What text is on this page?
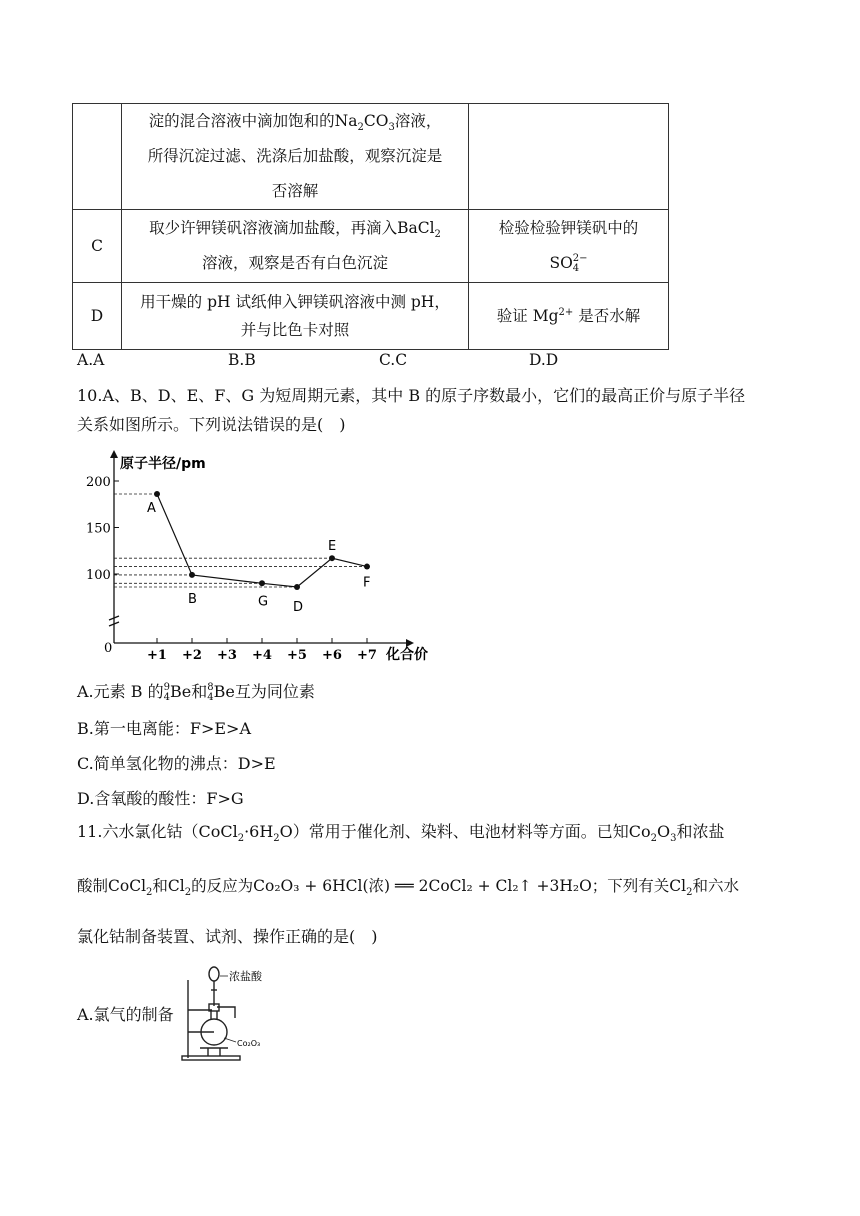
	淀的混合溶液中滴加饱和的$Na_2CO_3$溶液，
所得沉淀过滤、洗涤后加盐酸，观察沉淀是
否溶解	
C	取少许钾镁矾溶液滴加盐酸，再滴入BaCl$_2$
溶液，观察是否有白色沉淀	检验检验钾镁矾中的
SO2−
4
D	用干燥的 pH 试纸伸入钾镁矾溶液中测 pH，
并与比色卡对照	验证 $Mg^{2+}$ 是否水解
A.A	B.B	C.C	D.D
10.A、B、D、E、F、G 为短周期元素，其中 B 的原子序数最小，它们的最高正价与原子半径
关系如图所示。下列说法错误的是(　)
原子半径/pm
化合价
0
200
150
100
+1 +2 +3 +4 +5 +6 +7
A
B	G D
E
F
A.元素 B 的9
4Be和8
4Be互为同位素
B.第一电离能：F>E>A
C.简单氢化物的沸点：D>E
D.含氧酸的酸性：F>G
11.六水氯化钴$(CoCl_2\cdot 6H_2O)$常用于催化剂、染料、电池材料等方面。已知$Co_2O_3$和浓盐
酸制CoCl$_2$和$Cl_2$的反应为Co₂O₃ + 6HCl(浓) ══ 2CoCl₂ + Cl₂↑ +3H₂O；下列有关$Cl_2$和六水
氯化钴制备装置、试剂、操作正确的是(　)
A.氯气的制备
浓盐酸
Co₂O₃
